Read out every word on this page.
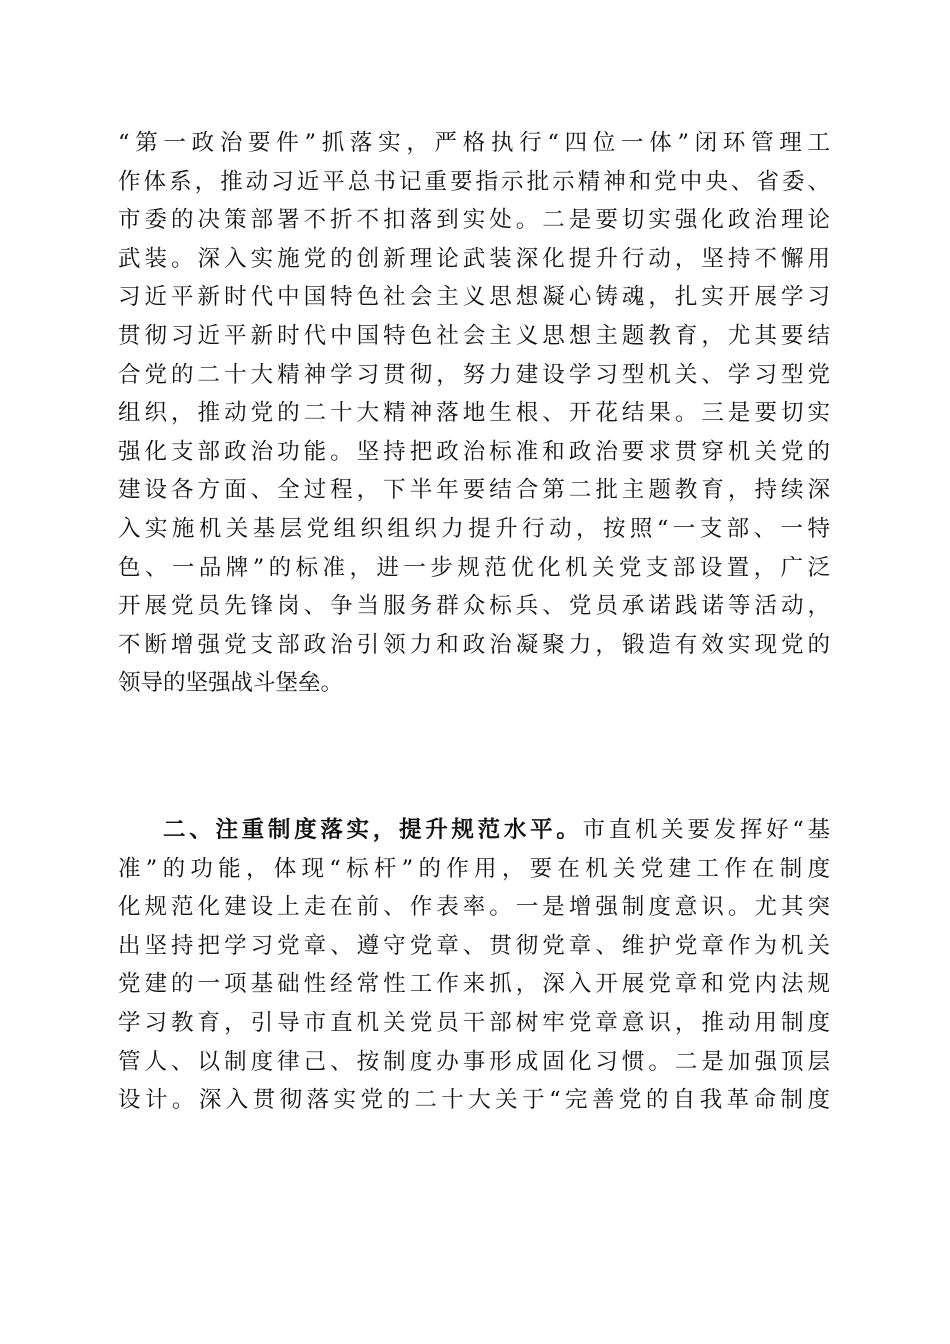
“第一政治要件”抓落实，严格执行“四位一体”闭环管理工
作体系，推动习近平总书记重要指示批示精神和党中央、省委、
市委的决策部署不折不扣落到实处。二是要切实强化政治理论
武装。深入实施党的创新理论武装深化提升行动，坚持不懈用
习近平新时代中国特色社会主义思想凝心铸魂，扎实开展学习
贯彻习近平新时代中国特色社会主义思想主题教育，尤其要结
合党的二十大精神学习贯彻，努力建设学习型机关、学习型党
组织，推动党的二十大精神落地生根、开花结果。三是要切实
强化支部政治功能。坚持把政治标准和政治要求贯穿机关党的
建设各方面、全过程，下半年要结合第二批主题教育，持续深
入实施机关基层党组织组织力提升行动，按照“一支部、一特
色、一品牌”的标准，进一步规范优化机关党支部设置，广泛
开展党员先锋岗、争当服务群众标兵、党员承诺践诺等活动，
不断增强党支部政治引领力和政治凝聚力，锻造有效实现党的
领导的坚强战斗堡垒。
二、注重制度落实，提升规范水平。市直机关要发挥好“基
准”的功能，体现“标杆”的作用，要在机关党建工作在制度
化规范化建设上走在前、作表率。一是增强制度意识。尤其突
出坚持把学习党章、遵守党章、贯彻党章、维护党章作为机关
党建的一项基础性经常性工作来抓，深入开展党章和党内法规
学习教育，引导市直机关党员干部树牢党章意识，推动用制度
管人、以制度律己、按制度办事形成固化习惯。二是加强顶层
设计。深入贯彻落实党的二十大关于“完善党的自我革命制度
